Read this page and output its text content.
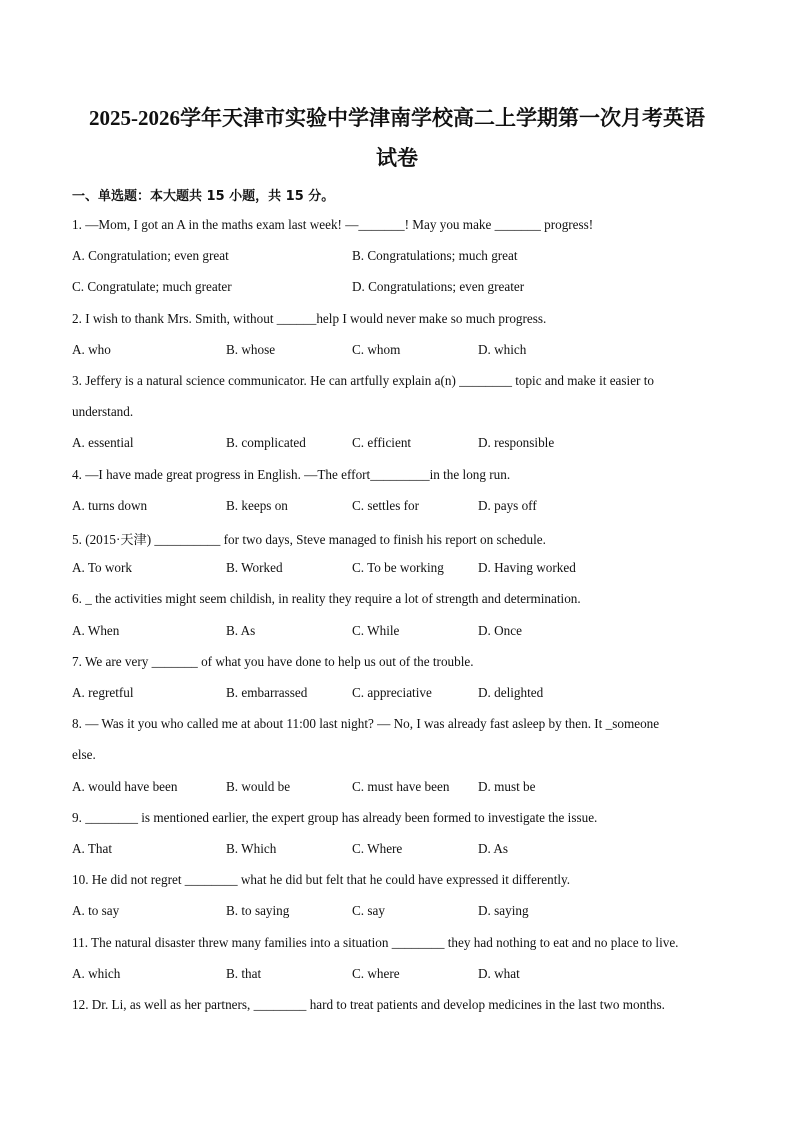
2025-2026学年天津市实验中学津南学校高二上学期第一次月考英语
试卷
一、单选题：本大题共 15 小题，共 15 分。
1. —Mom, I got an A in the maths exam last week! —_______! May you make _______ progress!
A. Congratulation; even great	B. Congratulations; much great
C. Congratulate; much greater	D. Congratulations; even greater
2. I wish to thank Mrs. Smith, without ______help I would never make so much progress.
A. who	B. whose	C. whom	D. which
3. Jeffery is a natural science communicator. He can artfully explain a(n) ________ topic and make it easier to
understand.
A. essential	B. complicated	C. efficient	D. responsible
4. —I have made great progress in English. —The effort_________in the long run.
A. turns down	B. keeps on	C. settles for	D. pays off
5. (2015·天津) __________ for two days, Steve managed to finish his report on schedule.
A. To work	B. Worked	C. To be working	D. Having worked
6. _ the activities might seem childish, in reality they require a lot of strength and determination.
A. When	B. As	C. While	D. Once
7. We are very _______ of what you have done to help us out of the trouble.
A. regretful	B. embarrassed	C. appreciative	D. delighted
8. — Was it you who called me at about 11:00 last night? — No, I was already fast asleep by then. It _someone
else.
A. would have been	B. would be	C. must have been D. must be
9. ________ is mentioned earlier, the expert group has already been formed to investigate the issue.
A. That	B. Which	C. Where	D. As
10. He did not regret ________ what he did but felt that he could have expressed it differently.
A. to say	B. to saying	C. say	D. saying
11. The natural disaster threw many families into a situation ________ they had nothing to eat and no place to live.
A. which	B. that	C. where	D. what
12. Dr. Li, as well as her partners, ________ hard to treat patients and develop medicines in the last two months.
